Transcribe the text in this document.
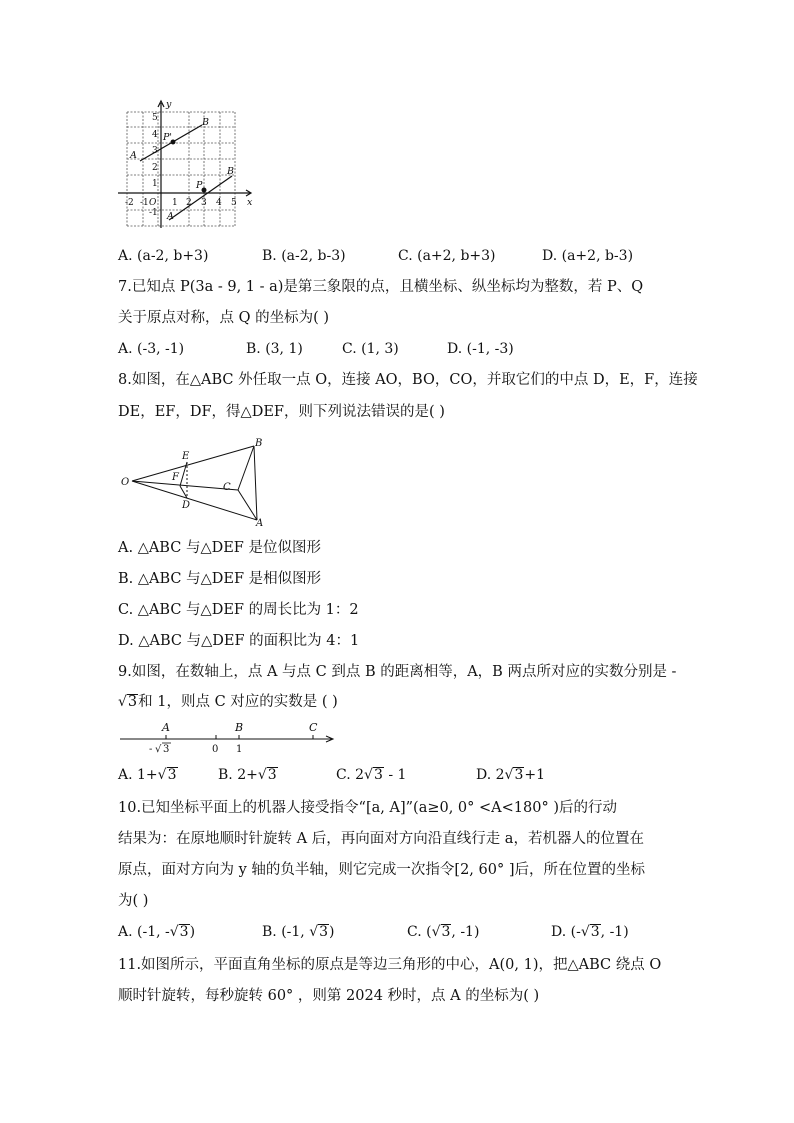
y
x
A
B
P'
A
B
P
-2 -1 O 1 2 3 4 5
5
4
3
2
1
-1
A. (a-2, b+3)	B. (a-2, b-3)	C. (a+2, b+3)	D. (a+2, b-3)
7.已知点 P(3a - 9, 1 - a)是第三象限的点，且横坐标、纵坐标均为整数，若 P、Q
关于原点对称，点 Q 的坐标为( )
A. (-3, -1)	B. (3, 1)	C. (1, 3)	D. (-1, -3)
8.如图，在△ABC 外任取一点 O，连接 AO，BO，CO，并取它们的中点 D，E，F，连接
DE，EF，DF，得△DEF，则下列说法错误的是( )
O
E
F
D
C
B
A
A. △ABC 与△DEF 是位似图形
B. △ABC 与△DEF 是相似图形
C. △ABC 与△DEF 的周长比为 1：2
D. △ABC 与△DEF 的面积比为 4：1
9.如图，在数轴上，点 A 与点 C 到点 B 的距离相等，A，B 两点所对应的实数分别是 -
√3和 1，则点 C 对应的实数是 ( )
A	B	C
- √ 3	0 1
A. 1+√3	B. 2+√3	C. 2√3 - 1	D. 2√3+1
10.已知坐标平面上的机器人接受指令“[a, A]”(a≥0, 0° <A<180° )后的行动
结果为：在原地顺时针旋转 A 后，再向面对方向沿直线行走 a，若机器人的位置在
原点，面对方向为 y 轴的负半轴，则它完成一次指令[2, 60° ]后，所在位置的坐标
为( )
A. (-1, -√3)	B. (-1, √3)	C. (√3, -1)	D. (-√3, -1)
11.如图所示，平面直角坐标的原点是等边三角形的中心，A(0, 1)，把△ABC 绕点 O
顺时针旋转，每秒旋转 60° ，则第 2024 秒时，点 A 的坐标为( )
